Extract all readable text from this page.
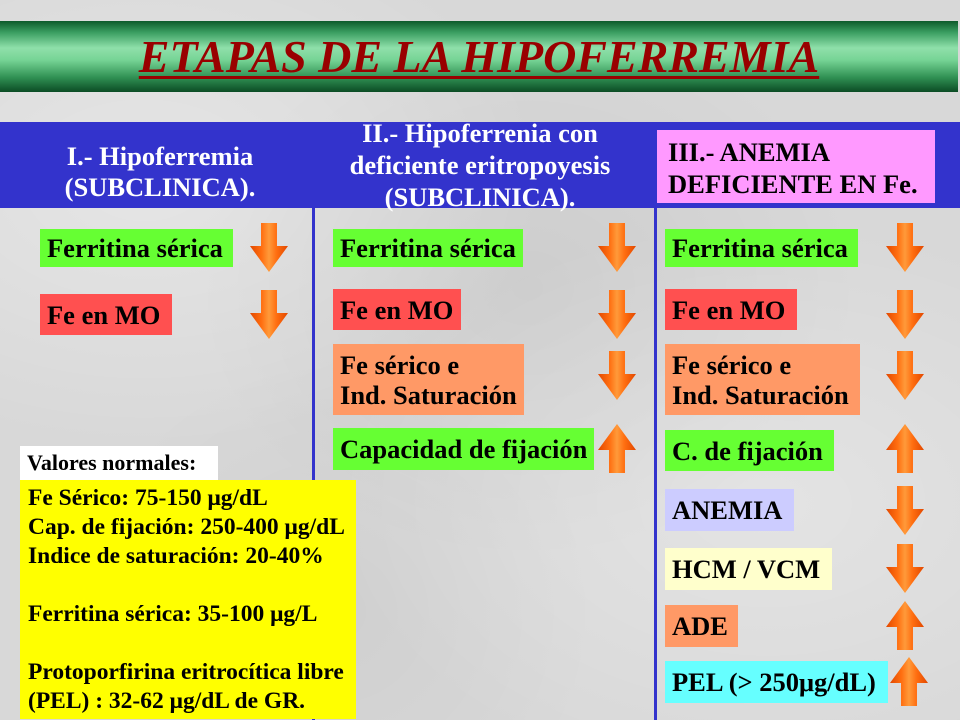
ETAPAS DE LA HIPOFERREMIA
I.- Hipoferremia
(SUBCLINICA).
II.- Hipoferrenia con
deficiente eritropoyesis
(SUBCLINICA).
III.- ANEMIA
DEFICIENTE EN Fe.
Ferritina sérica
Fe en MO
Ferritina sérica
Fe en MO
Fe sérico e
Ind. Saturación
Capacidad de fijación
Ferritina sérica
Fe en MO
Fe sérico e
Ind. Saturación
C. de fijación
ANEMIA
HCM / VCM
ADE
PEL (> 250μg/dL)
Valores normales:
Fe Sérico: 75-150 μg/dL
Cap. de fijación: 250-400 μg/dL
Indice de saturación: 20-40%
Ferritina sérica: 35-100 μg/L
Protoporfirina eritrocítica libre
(PEL) : 32-62 μg/dL de GR.
